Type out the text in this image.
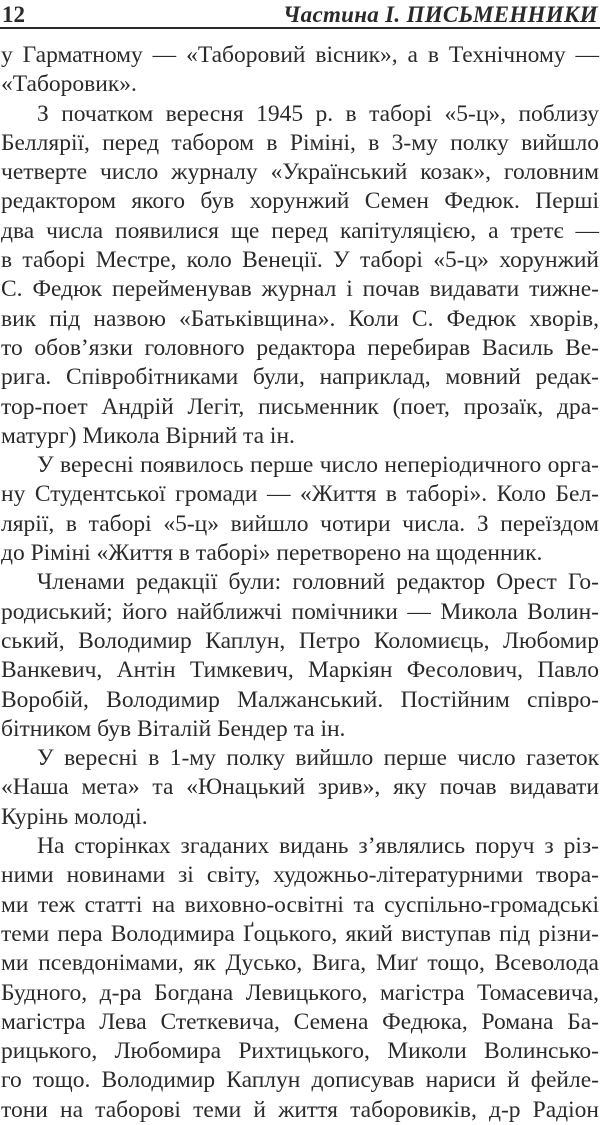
12	Частина I. ПИСЬМЕННИКИ
у Гарматному — «Таборовий вісник», а в Технічному —
«Таборовик».
З початком вересня 1945 р. в таборі «5-ц», поблизу
Беллярії, перед табором в Ріміні, в 3-му полку вийшло
четверте число журналу «Український козак», головним
редактором якого був хорунжий Семен Федюк. Перші
два числа появилися ще перед капітуляцією, а третє —
в таборі Местре, коло Венеції. У таборі «5-ц» хорунжий
С. Федюк перейменував журнал і почав видавати тижне-
вик під назвою «Батьківщина». Коли С. Федюк хворів,
то обов’язки головного редактора перебирав Василь Ве-
рига. Співробітниками були, наприклад, мовний редак-
тор-поет Андрій Легіт, письменник (поет, прозаїк, дра-
матург) Микола Вірний та ін.
У вересні появилось перше число неперіодичного орга-
ну Студентської громади — «Життя в таборі». Коло Бел-
лярії, в таборі «5-ц» вийшло чотири числа. З переїздом
до Ріміні «Життя в таборі» перетворено на щоденник.
Членами редакції були: головний редактор Орест Го-
родиський; його найближчі помічники — Микола Волин-
ський, Володимир Каплун, Петро Коломиєць, Любомир
Ванкевич, Антін Тимкевич, Маркіян Фесолович, Павло
Воробій, Володимир Малжанський. Постійним співро-
бітником був Віталій Бендер та ін.
У вересні в 1-му полку вийшло перше число газеток
«Наша мета» та «Юнацький зрив», яку почав видавати
Курінь молоді.
На сторінках згаданих видань з’являлись поруч з різ-
ними новинами зі світу, художньо-літературними твора-
ми теж статті на виховно-освітні та суспільно-громадські
теми пера Володимира Ґоцького, який виступав під різни-
ми псевдонімами, як Дусько, Вига, Миґ тощо, Всеволода
Будного, д-ра Богдана Левицького, магістра Томасевича,
магістра Лева Стеткевича, Семена Федюка, Романа Ба-
рицького, Любомира Рихтицького, Миколи Волинсько-
го тощо. Володимир Каплун дописував нариси й фейле-
тони на таборові теми й життя таборовиків, д-р Радіон
